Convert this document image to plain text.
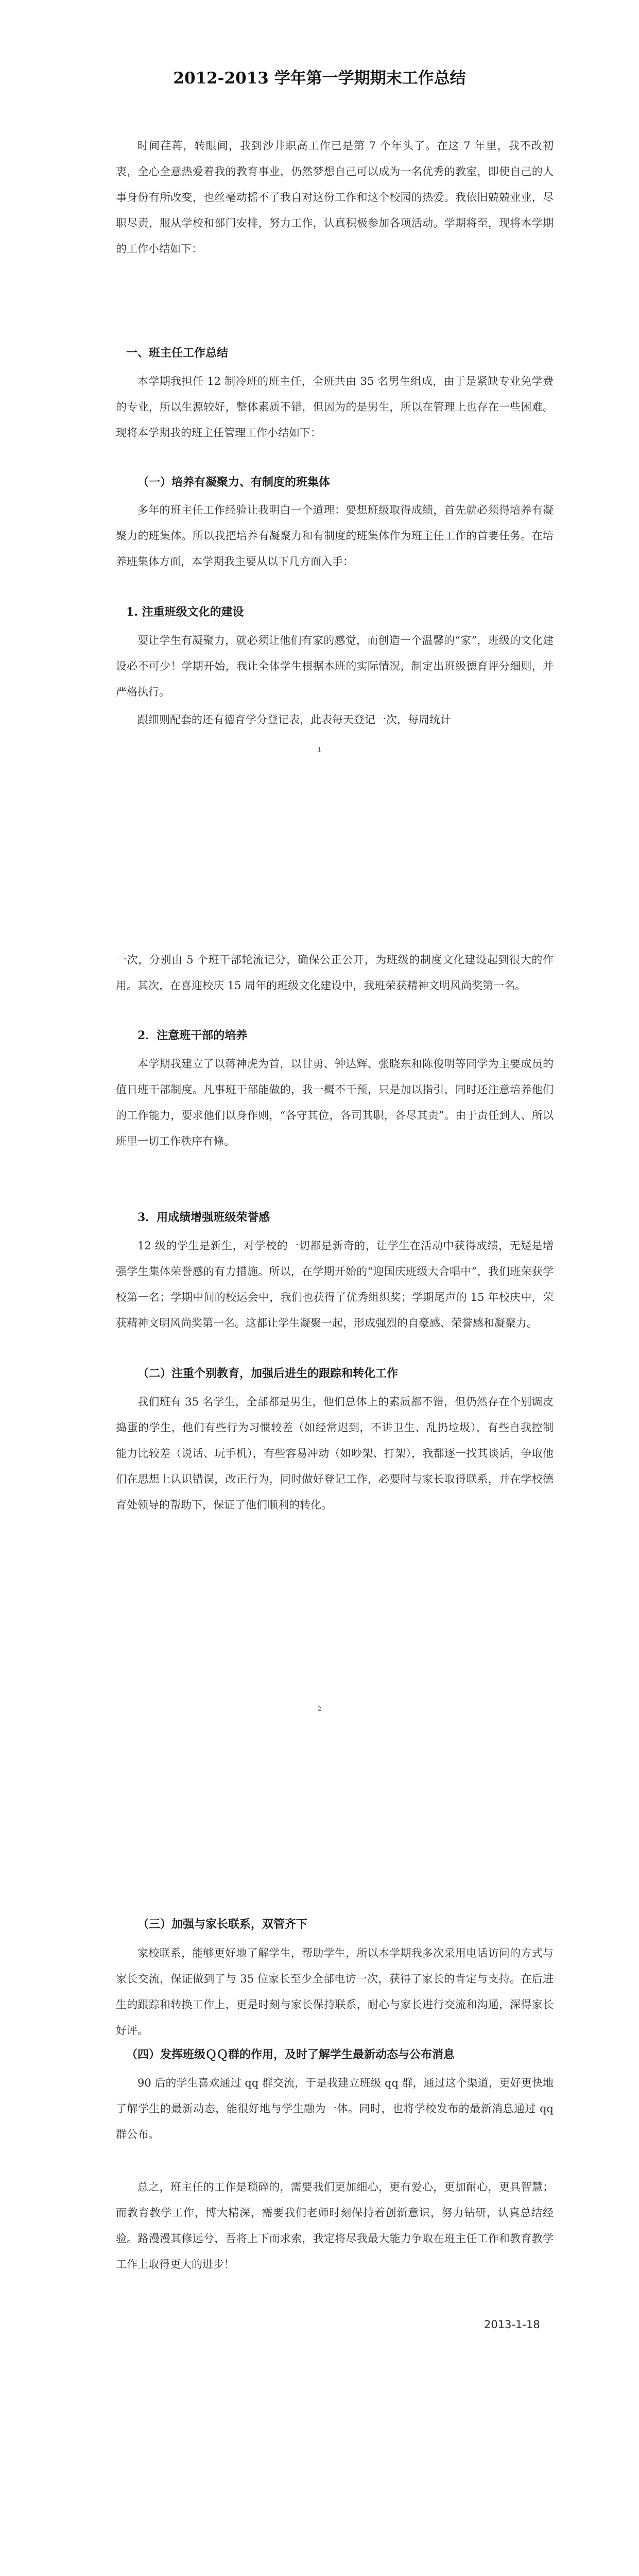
2012-2013 学年第一学期期末工作总结

时间荏苒，转眼间，我到沙井职高工作已是第 7 个年头了。在这 7 年里，我不改初衷，全心全意热爱着我的教育事业，仍然梦想自己可以成为一名优秀的教室，即使自己的人事身份有所改变，也丝毫动摇不了我自对这份工作和这个校园的热爱。我依旧兢兢业业，尽职尽责，服从学校和部门安排，努力工作，认真积极参加各项活动。学期将至，现将本学期的工作小结如下：

一、班主任工作总结

本学期我担任 12 制冷班的班主任，全班共由 35 名男生组成，由于是紧缺专业免学费的专业，所以生源较好，整体素质不错，但因为的是男生，所以在管理上也存在一些困难。现将本学期我的班主任管理工作小结如下：

（一）培养有凝聚力、有制度的班集体

多年的班主任工作经验让我明白一个道理：要想班级取得成绩，首先就必须得培养有凝聚力的班集体。所以我把培养有凝聚力和有制度的班集体作为班主任工作的首要任务。在培养班集体方面，本学期我主要从以下几方面入手：

1. 注重班级文化的建设

要让学生有凝聚力，就必须让他们有家的感觉，而创造一个温馨的“家”，班级的文化建设必不可少！学期开始，我让全体学生根据本班的实际情况，制定出班级德育评分细则，并严格执行。

跟细则配套的还有德育学分登记表，此表每天登记一次，每周统计

1

一次，分别由 5 个班干部轮流记分，确保公正公开，为班级的制度文化建设起到很大的作用。其次，在喜迎校庆 15 周年的班级文化建设中，我班荣获精神文明风尚奖第一名。

2．注意班干部的培养

本学期我建立了以蒋神虎为首，以甘勇、钟达辉、张晓东和陈俊明等同学为主要成员的值日班干部制度。凡事班干部能做的，我一概不干预，只是加以指引，同时还注意培养他们的工作能力，要求他们以身作则，“各守其位，各司其职，各尽其责”。由于责任到人、所以班里一切工作秩序有條。

3．用成绩增强班级荣誉感

12 级的学生是新生，对学校的一切都是新奇的，让学生在活动中获得成绩，无疑是增强学生集体荣誉感的有力措施。所以，在学期开始的“迎国庆班级大合唱中”，我们班荣获学校第一名；学期中间的校运会中，我们也获得了优秀组织奖；学期尾声的 15 年校庆中，荣获精神文明风尚奖第一名。这都让学生凝聚一起，形成强烈的自豪感、荣誉感和凝聚力。

（二）注重个别教育，加强后进生的跟踪和转化工作

我们班有 35 名学生，全部都是男生，他们总体上的素质都不错，但仍然存在个别调皮捣蛋的学生，他们有些行为习惯较差（如经常迟到，不讲卫生、乱扔垃圾），有些自我控制能力比较差（说话、玩手机），有些容易冲动（如吵架、打架），我都逐一找其谈话，争取他们在思想上认识错误，改正行为，同时做好登记工作，必要时与家长取得联系，并在学校德育处领导的帮助下，保证了他们顺利的转化。

2
（三）加强与家长联系，双管齐下

家校联系，能够更好地了解学生，帮助学生，所以本学期我多次采用电话访问的方式与家长交流，保证做到了与 35 位家长至少全部电访一次，获得了家长的肯定与支持。在后进生的跟踪和转换工作上，更是时刻与家长保持联系，耐心与家长进行交流和沟通，深得家长好评。

（四）发挥班级ＱＱ群的作用，及时了解学生最新动态与公布消息

90 后的学生喜欢通过 qq 群交流，于是我建立班级 qq 群，通过这个渠道，更好更快地了解学生的最新动态，能很好地与学生融为一体。同时，也将学校发布的最新消息通过 qq 群公布。

总之，班主任的工作是琐碎的，需要我们更加细心，更有爱心，更加耐心，更具智慧；而教育教学工作，博大精深，需要我们老师时刻保持着创新意识，努力钻研，认真总结经验。路漫漫其修远兮，吾将上下而求索，我定将尽我最大能力争取在班主任工作和教育教学工作上取得更大的进步！

2013-1-18
